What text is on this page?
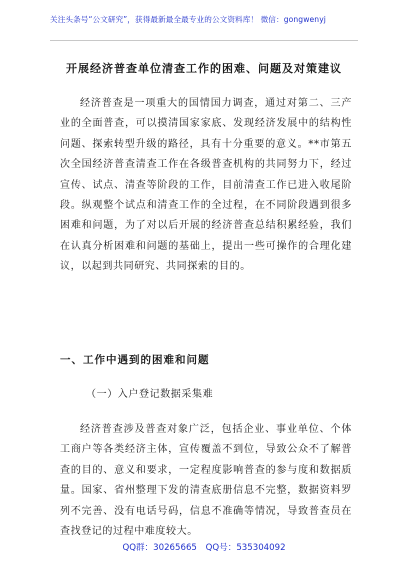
关注头条号“公文研究”，获得最新最全最专业的公文资料库！ 微信：gongwenyj
开展经济普查单位清查工作的困难、问题及对策建议
经济普查是一项重大的国情国力调查，通过对第二、三产业的全面普查，可以摸清国家家底、发现经济发展中的结构性问题、探索转型升级的路径，具有十分重要的意义。**市第五次全国经济普查清查工作在各级普查机构的共同努力下，经过宣传、试点、清查等阶段的工作，目前清查工作已进入收尾阶段。纵观整个试点和清查工作的全过程，在不同阶段遇到很多困难和问题，为了对以后开展的经济普查总结积累经验，我们在认真分析困难和问题的基础上，提出一些可操作的合理化建议，以起到共同研究、共同探索的目的。
一、工作中遇到的困难和问题
（一）入户登记数据采集难
经济普查涉及普查对象广泛，包括企业、事业单位、个体工商户等各类经济主体，宣传覆盖不到位，导致公众不了解普查的目的、意义和要求，一定程度影响普查的参与度和数据质量。国家、省州整理下发的清查底册信息不完整，数据资料罗列不完善、没有电话号码，信息不准确等情况，导致普查员在查找登记的过程中难度较大。
QQ群：30265665 QQ号：535304092
